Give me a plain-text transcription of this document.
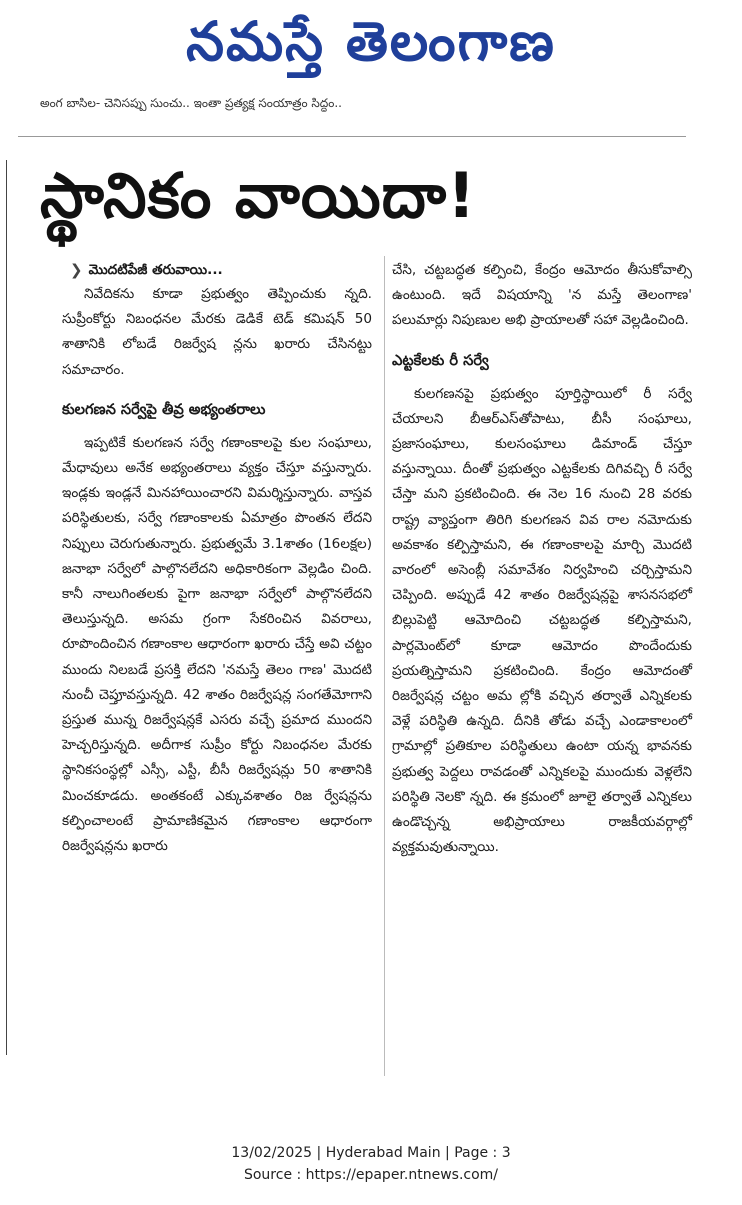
నమస్తే తెలంగాణ
అంగ బాసిల- చెనిసప్పు సుంచు.. ఇంతా ప్రత్యక్ష సంయాత్రం సిద్ధం..
స్థానికం వాయిదా!
❯ మొదటిపేజీ తరువాయి...

నివేదికను కూడా ప్రభుత్వం తెప్పించుకు న్నది. సుప్రీంకోర్టు నిబంధనల మేరకు డెడికే టెడ్ కమిషన్ 50 శాతానికి లోబడే రిజర్వేష న్లను ఖరారు చేసినట్టు సమాచారం.

కులగణన సర్వేపై తీవ్ర అభ్యంతరాలు

ఇప్పటికే కులగణన సర్వే గణాంకాలపై కుల సంఘాలు, మేధావులు అనేక అభ్యంతరాలు వ్యక్తం చేస్తూ వస్తున్నారు. ఇండ్లకు ఇండ్లనే మినహాయించారని విమర్శిస్తున్నారు. వాస్తవ పరిస్థితులకు, సర్వే గణాంకాలకు ఏమాత్రం పొంతన లేదని నిప్పులు చెరుగుతున్నారు. ప్రభుత్వమే 3.1శాతం (16లక్షల) జనాభా సర్వేలో పాల్గొనలేదని అధికారికంగా వెల్లడిం చింది. కానీ నాలుగింతలకు పైగా జనాభా సర్వేలో పాల్గొనలేదని తెలుస్తున్నది. అసమ గ్రంగా సేకరించిన వివరాలు, రూపొందించిన గణాంకాల ఆధారంగా ఖరారు చేస్తే అవి చట్టం ముందు నిలబడే ప్రసక్తి లేదని 'నమస్తే తెలం గాణ' మొదటి నుంచీ చెప్తూవస్తున్నది. 42 శాతం రిజర్వేషన్ల సంగతేమోగాని ప్రస్తుత మున్న రిజర్వేషన్లకే ఎసరు వచ్చే ప్రమాద ముందని హెచ్చరిస్తున్నది. అదీగాక సుప్రీం కోర్టు నిబంధనల మేరకు స్థానికసంస్థల్లో ఎస్సీ, ఎస్టీ, బీసీ రిజర్వేషన్లు 50 శాతానికి మించకూడదు. అంతకంటే ఎక్కువశాతం రిజ ర్వేషన్లను కల్పించాలంటే ప్రామాణికమైన గణాంకాల ఆధారంగా రిజర్వేషన్లను ఖరారు

చేసి, చట్టబద్ధత కల్పించి, కేంద్రం ఆమోదం తీసుకోవాల్సి ఉంటుంది. ఇదే విషయాన్ని 'న మస్తే తెలంగాణ' పలుమార్లు నిపుణుల అభి ప్రాయాలతో సహా వెల్లడించింది.

ఎట్టకేలకు రీ సర్వే

కులగణనపై ప్రభుత్వం పూర్తిస్థాయిలో రీ సర్వే చేయాలని బీఆర్ఎస్‌తోపాటు, బీసీ సంఘాలు, ప్రజాసంఘాలు, కులసంఘాలు డిమాండ్ చేస్తూ వస్తున్నాయి. దీంతో ప్రభుత్వం ఎట్టకేలకు దిగివచ్చి రీ సర్వే చేస్తా మని ప్రకటించింది. ఈ నెల 16 నుంచి 28 వరకు రాష్ట్ర వ్యాప్తంగా తిరిగి కులగణన వివ రాల నమోదుకు అవకాశం కల్పిస్తామని, ఈ గణాంకాలపై మార్చి మొదటి వారంలో అసెంబ్లీ సమావేశం నిర్వహించి చర్చిస్తామని చెప్పింది. అప్పుడే 42 శాతం రిజర్వేషన్లపై శాసనసభలో బిల్లుపెట్టి ఆమోదించి చట్టబద్ధత కల్పిస్తామని, పార్లమెంట్‌లో కూడా ఆమోదం పొందేందుకు ప్రయత్నిస్తామని ప్రకటించింది. కేంద్రం ఆమోదంతో రిజర్వేషన్ల చట్టం అమ ల్లోకి వచ్చిన తర్వాతే ఎన్నికలకు వెళ్లే పరిస్థితి ఉన్నది. దీనికి తోడు వచ్చే ఎండాకాలంలో గ్రామాల్లో ప్రతికూల పరిస్థితులు ఉంటా యన్న భావనకు ప్రభుత్వ పెద్దలు రావడంతో ఎన్నికలపై ముందుకు వెళ్లలేని పరిస్థితి నెలకొ న్నది. ఈ క్రమంలో జూలై తర్వాతే ఎన్నికలు ఉండొచ్చన్న అభిప్రాయాలు రాజకీయవర్గాల్లో వ్యక్తమవుతున్నాయి.

13/02/2025 | Hyderabad Main | Page : 3
Source : https://epaper.ntnews.com/
